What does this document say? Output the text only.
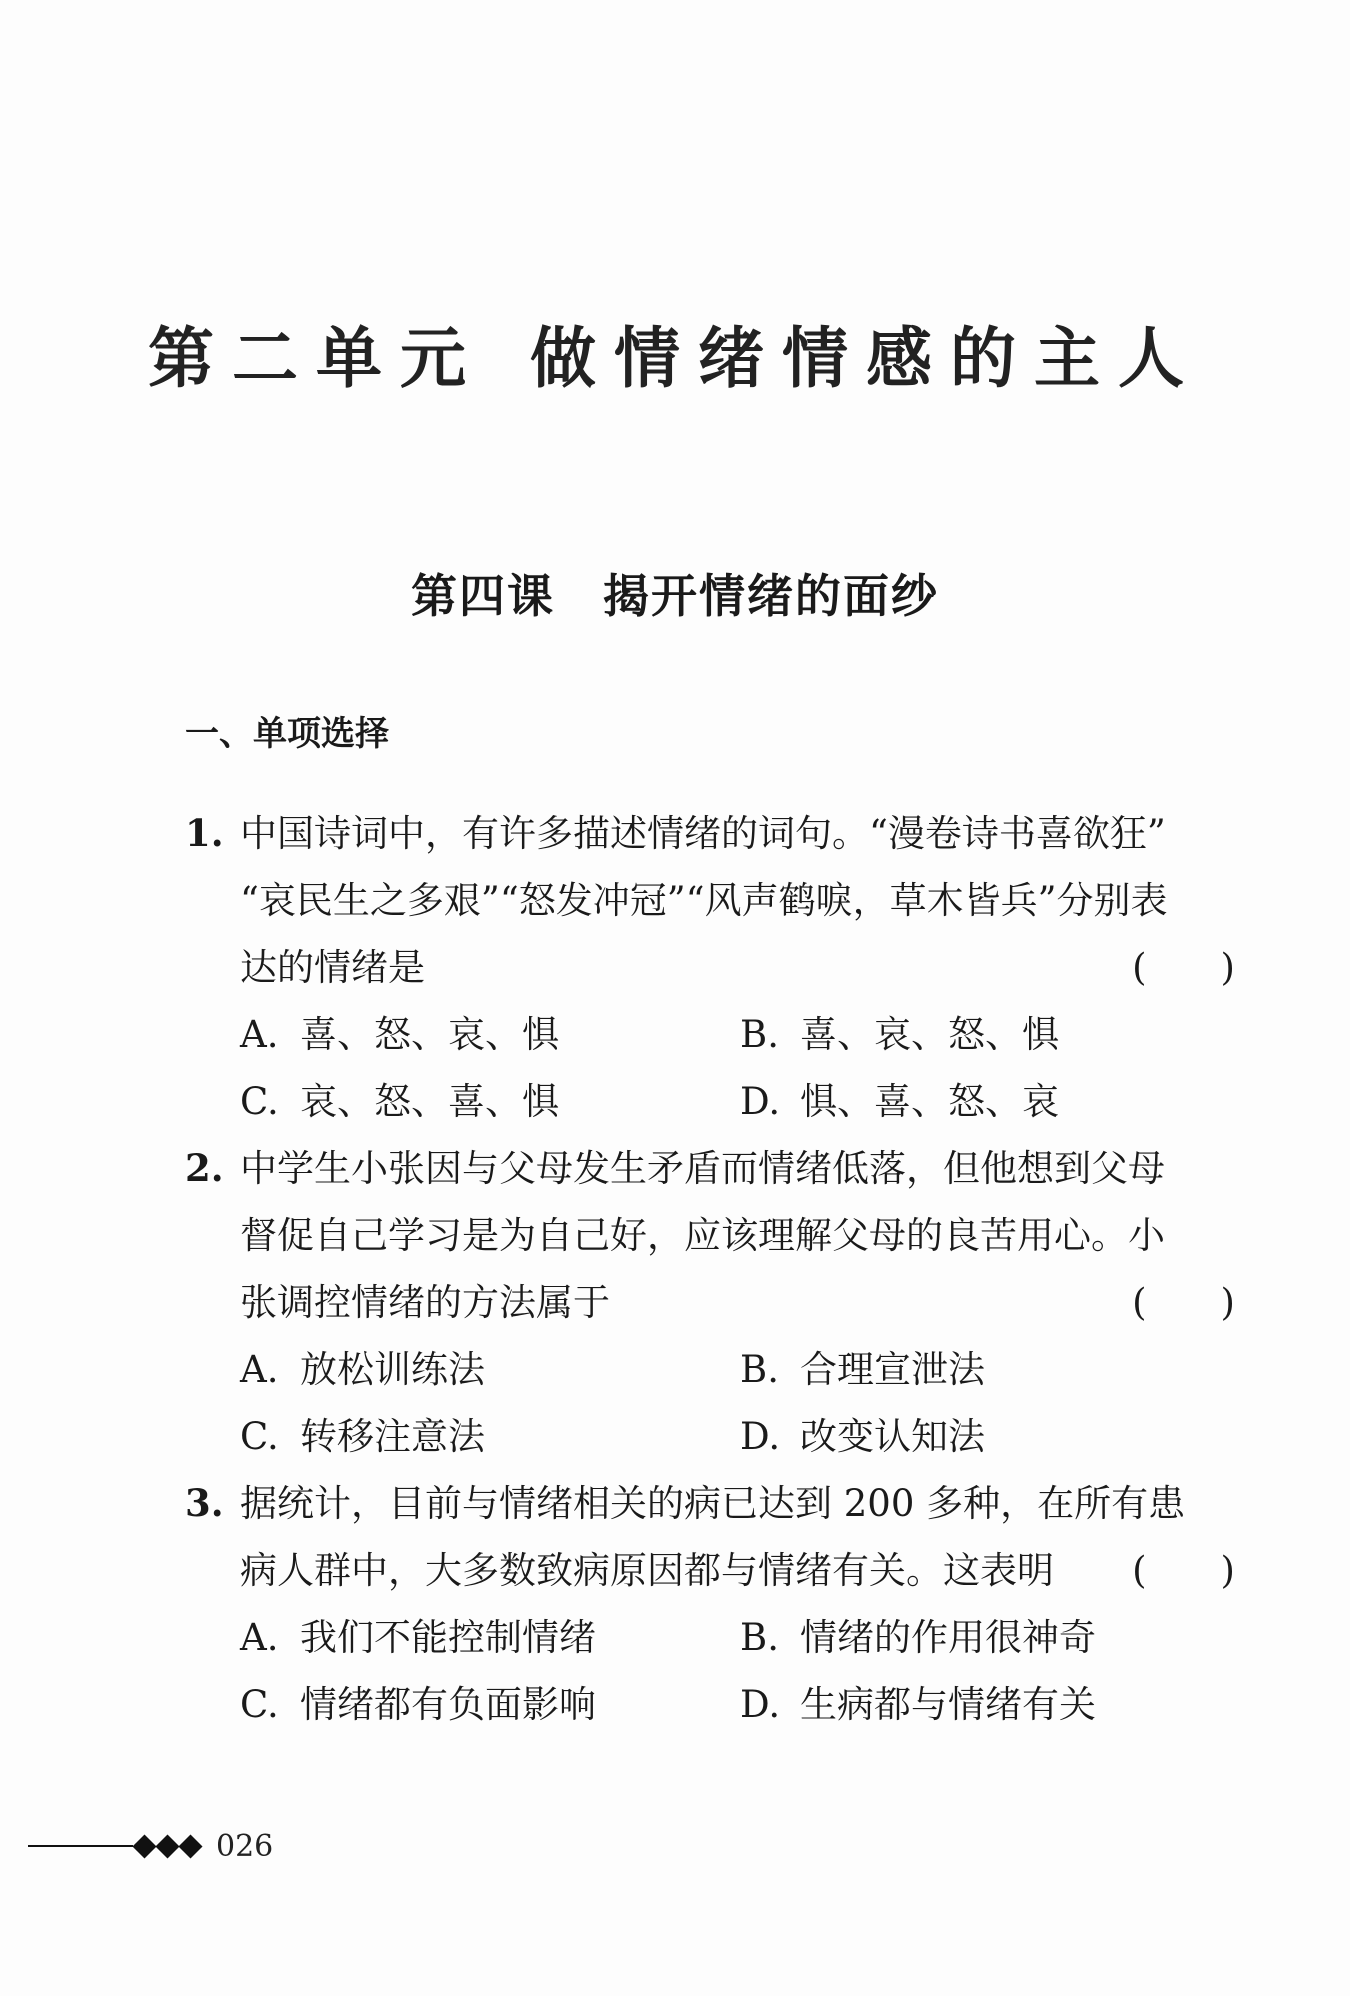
第二单元 做情绪情感的主人
第四课 揭开情绪的面纱
一、单项选择
1. 中国诗词中，有许多描述情绪的词句。“漫卷诗书喜欲狂”
“哀民生之多艰”“怒发冲冠”“风声鹤唳，草木皆兵”分别表
达的情绪是	(　　)
A. 喜、怒、哀、惧	B. 喜、哀、怒、惧
C. 哀、怒、喜、惧	D. 惧、喜、怒、哀
2. 中学生小张因与父母发生矛盾而情绪低落，但他想到父母
督促自己学习是为自己好，应该理解父母的良苦用心。小
张调控情绪的方法属于	(　　)
A. 放松训练法	B. 合理宣泄法
C. 转移注意法	D. 改变认知法
3. 据统计，目前与情绪相关的病已达到 200 多种，在所有患
病人群中，大多数致病原因都与情绪有关。这表明 (　　)
A. 我们不能控制情绪	B. 情绪的作用很神奇
C. 情绪都有负面影响	D. 生病都与情绪有关
026
